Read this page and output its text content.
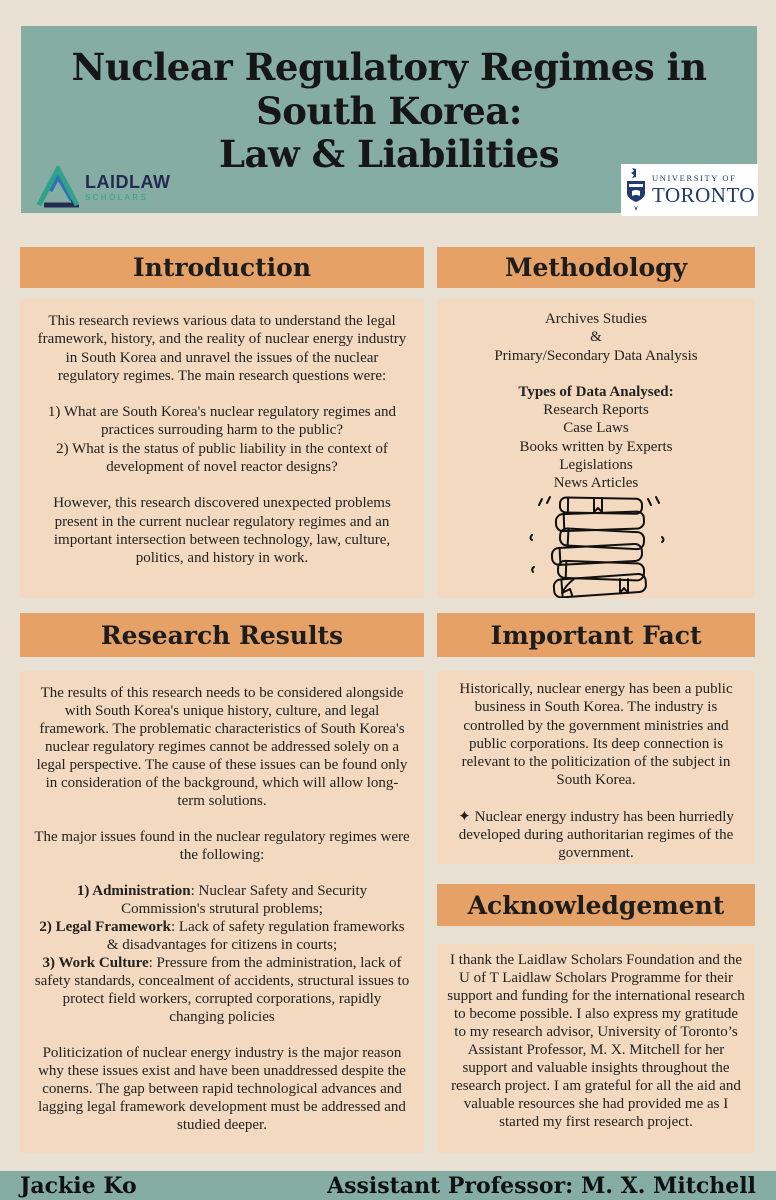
Nuclear Regulatory Regimes in
South Korea:
Law & Liabilities
LAIDLAW
SCHOLARS
UNIVERSITY OF
TORONTO
Introduction

This research reviews various data to understand the legal framework, history, and the reality of nuclear energy industry in South Korea and unravel the issues of the nuclear regulatory regimes. The main research questions were:

1) What are South Korea's nuclear regulatory regimes and practices surrouding harm to the public?

2) What is the status of public liability in the context of development of novel reactor designs?

However, this research discovered unexpected problems present in the current nuclear regulatory regimes and an important intersection between technology, law, culture, politics, and history in work.

Methodology

Archives Studies

&

Primary/Secondary Data Analysis

Types of Data Analysed:

Research Reports

Case Laws

Books written by Experts

Legislations

News Articles

Research Results

The results of this research needs to be considered alongside with South Korea's unique history, culture, and legal framework. The problematic characteristics of South Korea's nuclear regulatory regimes cannot be addressed solely on a legal perspective. The cause of these issues can be found only in consideration of the background, which will allow long-term solutions.

The major issues found in the nuclear regulatory regimes were the following:

1) Administration: Nuclear Safety and Security Commission's strutural problems;

2) Legal Framework: Lack of safety regulation frameworks & disadvantages for citizens in courts;

3) Work Culture: Pressure from the administration, lack of safety standards, concealment of accidents, structural issues to protect field workers, corrupted corporations, rapidly changing policies

Politicization of nuclear energy industry is the major reason why these issues exist and have been unaddressed despite the conerns. The gap between rapid technological advances and lagging legal framework development must be addressed and studied deeper.

Important Fact

Historically, nuclear energy has been a public business in South Korea. The industry is controlled by the government ministries and public corporations. Its deep connection is relevant to the politicization of the subject in South Korea.

✦ Nuclear energy industry has been hurriedly developed during authoritarian regimes of the government.

Acknowledgement

I thank the Laidlaw Scholars Foundation and the U of T Laidlaw Scholars Programme for their support and funding for the international research to become possible. I also express my gratitude to my research advisor, University of Toronto’s Assistant Professor, M. X. Mitchell for her support and valuable insights throughout the research project. I am grateful for all the aid and valuable resources she had provided me as I started my first research project.

Jackie Ko	Assistant Professor: M. X. Mitchell
